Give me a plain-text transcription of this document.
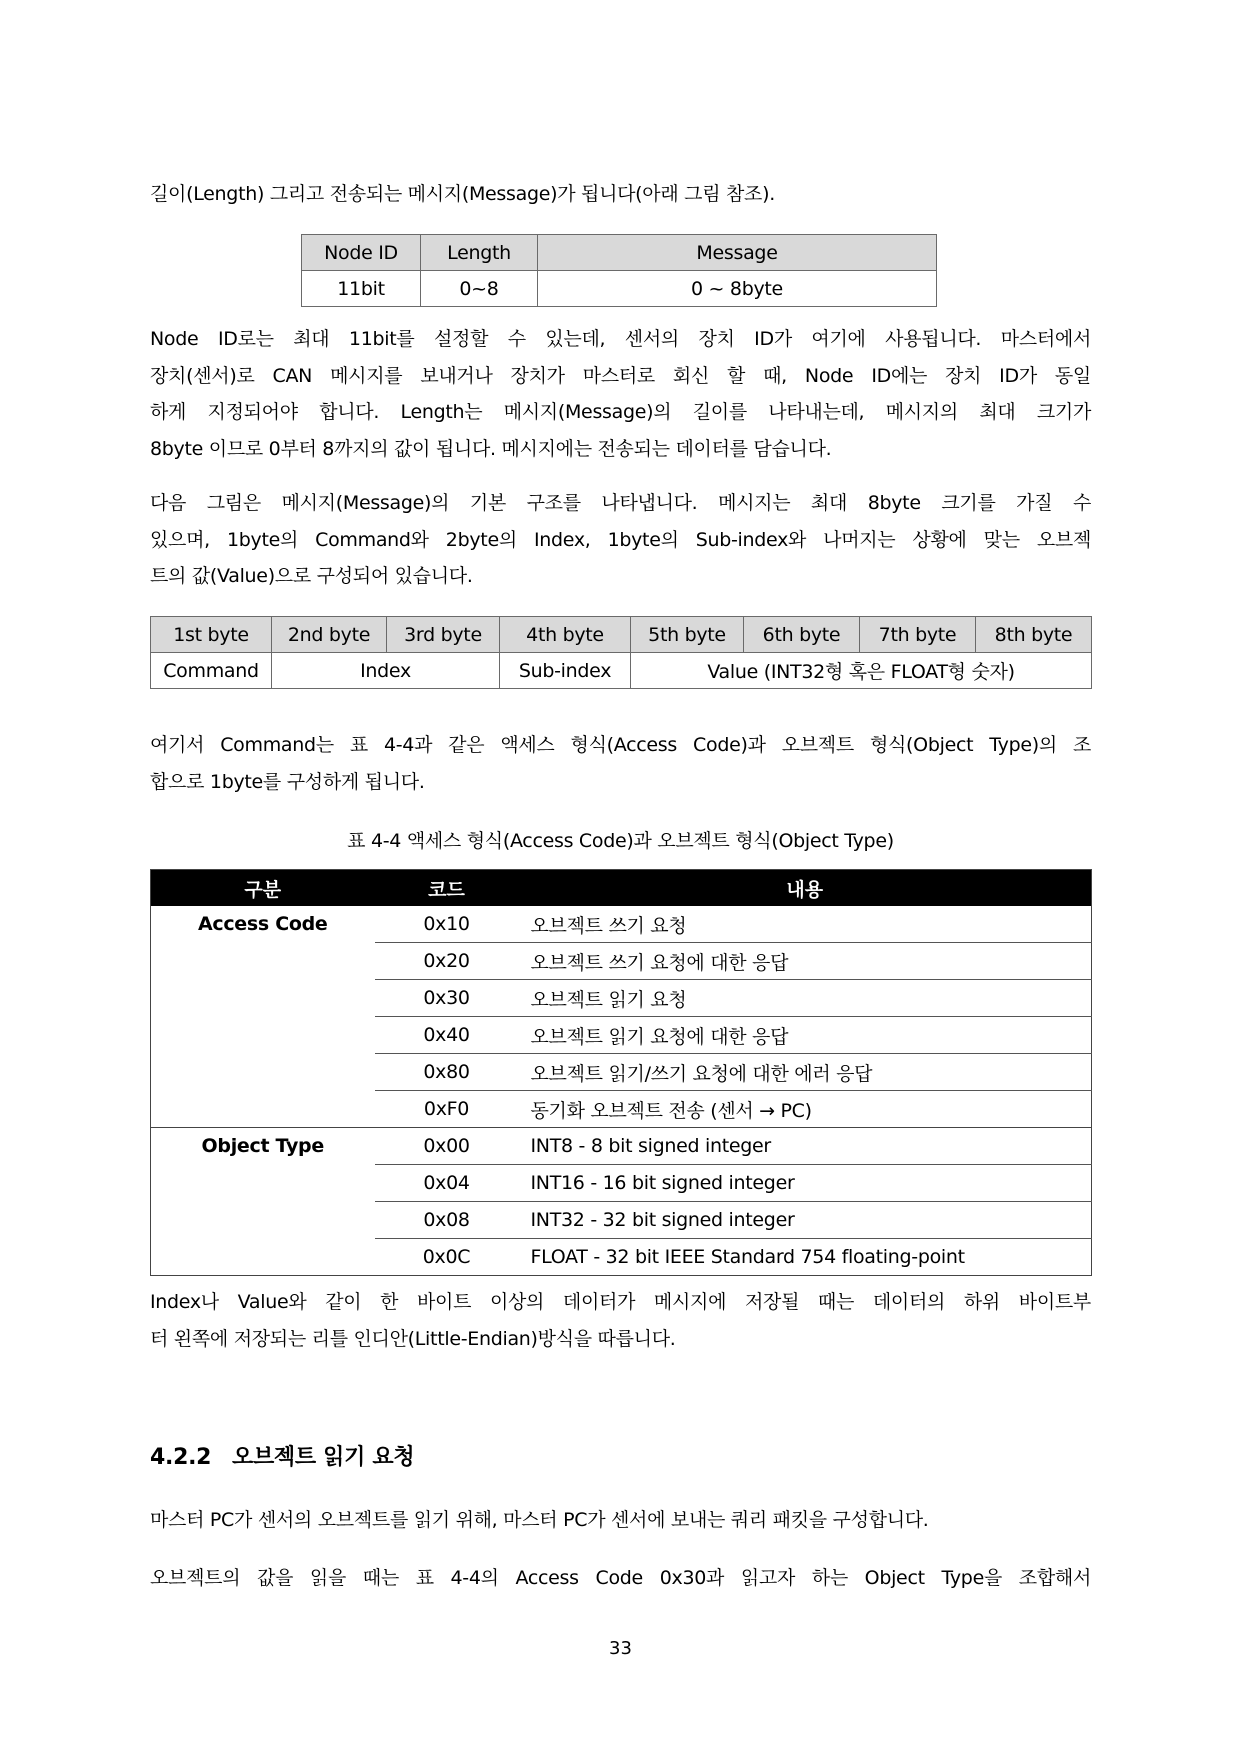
길이(Length) 그리고 전송되는 메시지(Message)가 됩니다(아래 그림 참조).
Node ID	Length	Message
11bit	0~8	0 ~ 8byte
Node ID로는 최대 11bit를 설정할 수 있는데, 센서의 장치 ID가 여기에 사용됩니다. 마스터에서
장치(센서)로 CAN 메시지를 보내거나 장치가 마스터로 회신 할 때, Node ID에는 장치 ID가 동일
하게 지정되어야 합니다. Length는 메시지(Message)의 길이를 나타내는데, 메시지의 최대 크기가
8byte 이므로 0부터 8까지의 값이 됩니다. 메시지에는 전송되는 데이터를 담습니다.
다음 그림은 메시지(Message)의 기본 구조를 나타냅니다. 메시지는 최대 8byte 크기를 가질 수
있으며, 1byte의 Command와 2byte의 Index, 1byte의 Sub-index와 나머지는 상황에 맞는 오브젝
트의 값(Value)으로 구성되어 있습니다.
1st byte	2nd byte	3rd byte	4th byte	5th byte	6th byte	7th byte	8th byte
Command	Index		Sub-index	Value (INT32형 혹은 FLOAT형 숫자)			
여기서 Command는 표 4-4과 같은 액세스 형식(Access Code)과 오브젝트 형식(Object Type)의 조
합으로 1byte를 구성하게 됩니다.
표 4-4 액세스 형식(Access Code)과 오브젝트 형식(Object Type)
구분	코드	내용
Access Code	0x10	오브젝트 쓰기 요청
	0x20	오브젝트 쓰기 요청에 대한 응답
	0x30	오브젝트 읽기 요청
	0x40	오브젝트 읽기 요청에 대한 응답
	0x80	오브젝트 읽기/쓰기 요청에 대한 에러 응답
	0xF0	동기화 오브젝트 전송 (센서 → PC)
Object Type	0x00	INT8 - 8 bit signed integer
	0x04	INT16 - 16 bit signed integer
	0x08	INT32 - 32 bit signed integer
	0x0C	FLOAT - 32 bit IEEE Standard 754 floating-point
Index나 Value와 같이 한 바이트 이상의 데이터가 메시지에 저장될 때는 데이터의 하위 바이트부
터 왼쪽에 저장되는 리틀 인디안(Little-Endian)방식을 따릅니다.
4.2.2 오브젝트 읽기 요청
마스터 PC가 센서의 오브젝트를 읽기 위해, 마스터 PC가 센서에 보내는 쿼리 패킷을 구성합니다.
오브젝트의 값을 읽을 때는 표 4-4의 Access Code 0x30과 읽고자 하는 Object Type을 조합해서
33
